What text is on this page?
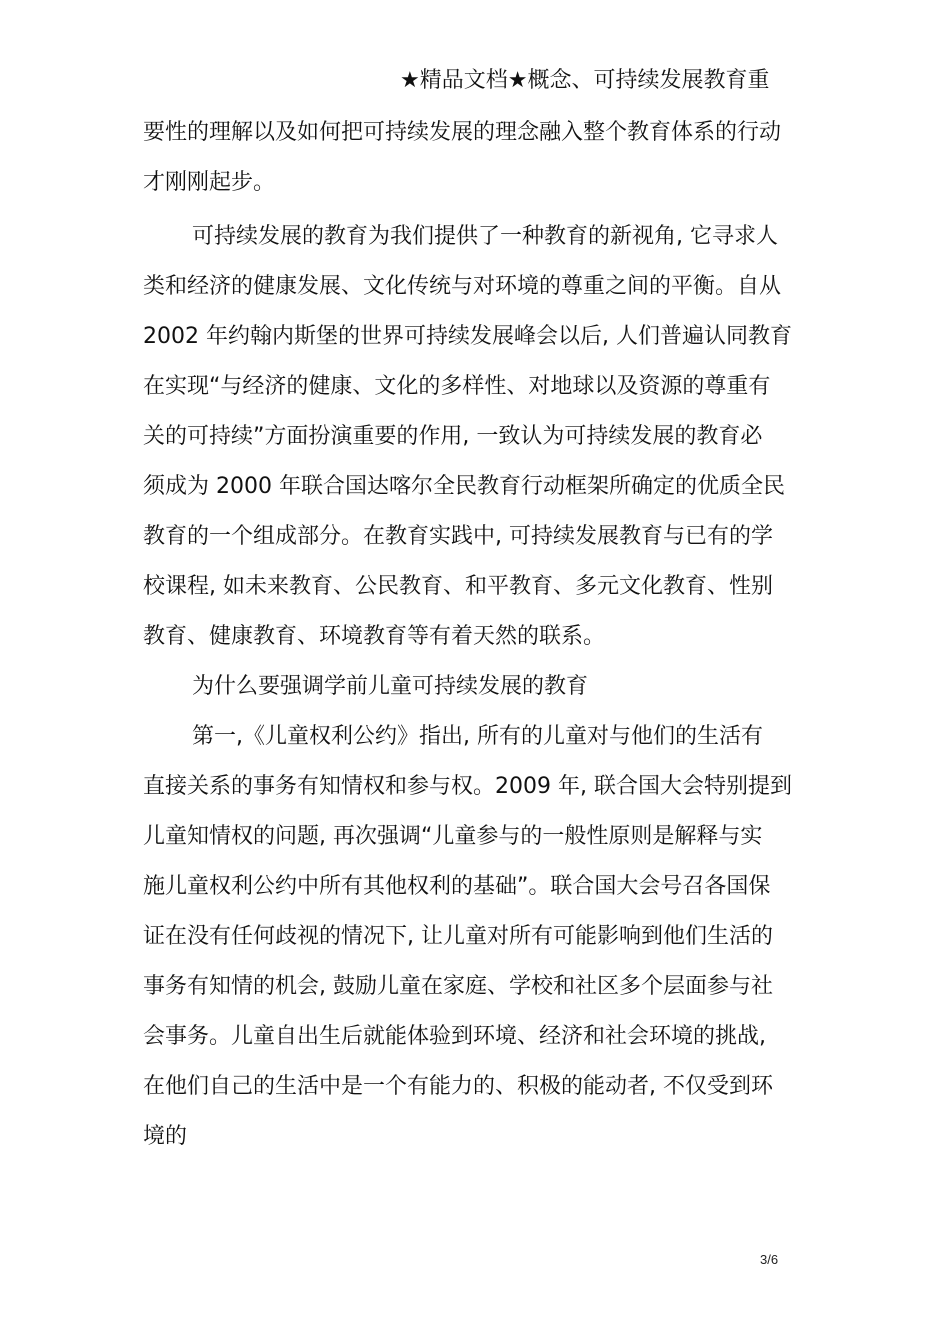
★精品文档★概念、可持续发展教育重
要性的理解以及如何把可持续发展的理念融入整个教育体系的行动
才刚刚起步。
可持续发展的教育为我们提供了一种教育的新视角, 它寻求人
类和经济的健康发展、文化传统与对环境的尊重之间的平衡。自从
2002 年约翰内斯堡的世界可持续发展峰会以后, 人们普遍认同教育
在实现“与经济的健康、文化的多样性、对地球以及资源的尊重有
关的可持续”方面扮演重要的作用, 一致认为可持续发展的教育必
须成为 2000 年联合国达喀尔全民教育行动框架所确定的优质全民
教育的一个组成部分。在教育实践中, 可持续发展教育与已有的学
校课程, 如未来教育、公民教育、和平教育、多元文化教育、性别
教育、健康教育、环境教育等有着天然的联系。
为什么要强调学前儿童可持续发展的教育
第一,《儿童权利公约》指出, 所有的儿童对与他们的生活有
直接关系的事务有知情权和参与权。2009 年, 联合国大会特别提到
儿童知情权的问题, 再次强调“儿童参与的一般性原则是解释与实
施儿童权利公约中所有其他权利的基础”。联合国大会号召各国保
证在没有任何歧视的情况下, 让儿童对所有可能影响到他们生活的
事务有知情的机会, 鼓励儿童在家庭、学校和社区多个层面参与社
会事务。儿童自出生后就能体验到环境、经济和社会环境的挑战,
在他们自己的生活中是一个有能力的、积极的能动者, 不仅受到环
境的
3/6
